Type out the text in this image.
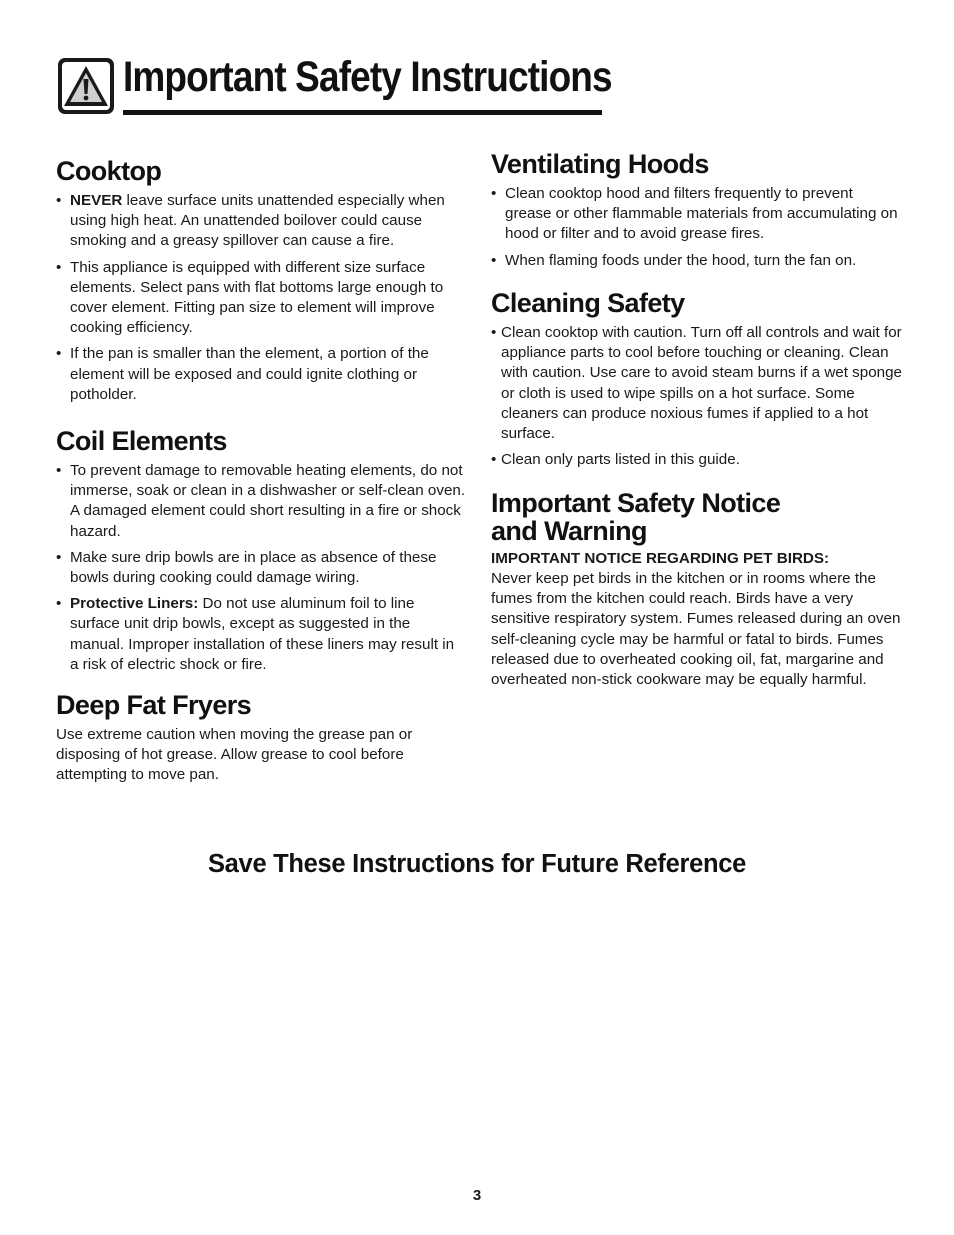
Important Safety Instructions
Cooktop
• NEVER leave surface units unattended especially when using high heat. An unattended boilover could cause smoking and a greasy spillover can cause a fire.
• This appliance is equipped with different size surface elements. Select pans with flat bottoms large enough to cover element. Fitting pan size to element will improve cooking efficiency.
• If the pan is smaller than the element, a portion of the element will be exposed and could ignite clothing or potholder.
Coil Elements
• To prevent damage to removable heating elements, do not immerse, soak or clean in a dishwasher or self-clean oven. A damaged element could short resulting in a fire or shock hazard.
• Make sure drip bowls are in place as absence of these bowls during cooking could damage wiring.
• Protective Liners: Do not use aluminum foil to line surface unit drip bowls, except as suggested in the manual. Improper installation of these liners may result in a risk of electric shock or fire.
Deep Fat Fryers

Use extreme caution when moving the grease pan or disposing of hot grease. Allow grease to cool before attempting to move pan.

Ventilating Hoods
• Clean cooktop hood and filters frequently to prevent grease or other flammable materials from accumulating on hood or filter and to avoid grease fires.
• When flaming foods under the hood, turn the fan on.
Cleaning Safety
• Clean cooktop with caution. Turn off all controls and wait for appliance parts to cool before touching or cleaning. Clean with caution. Use care to avoid steam burns if a wet sponge or cloth is used to wipe spills on a hot surface. Some cleaners can produce noxious fumes if applied to a hot surface.
• Clean only parts listed in this guide.
Important Safety Notice
and Warning

IMPORTANT NOTICE REGARDING PET BIRDS:

Never keep pet birds in the kitchen or in rooms where the fumes from the kitchen could reach. Birds have a very sensitive respiratory system. Fumes released during an oven self-cleaning cycle may be harmful or fatal to birds. Fumes released due to overheated cooking oil, fat, margarine and overheated non-stick cookware may be equally harmful.

Save These Instructions for Future Reference
3
